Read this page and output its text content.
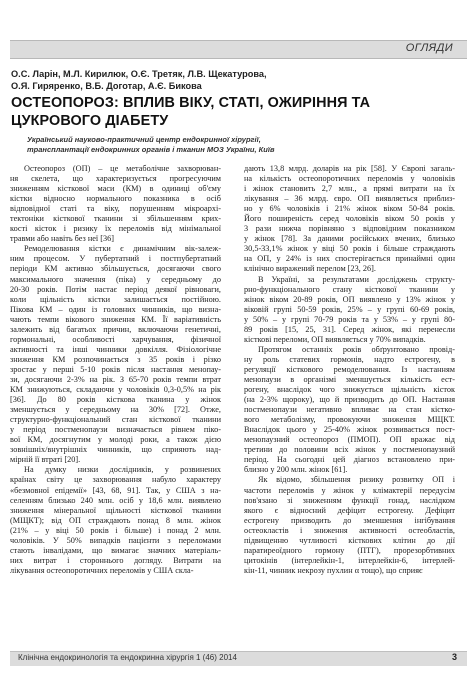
ОГЛЯДИ
О.С. Ларін, М.Л. Кирилюк, О.Є. Третяк, Л.В. Щекатурова,
О.Я. Гиряренко, В.Б. Доготар, А.Є. Бикова
ОСТЕОПОРОЗ: ВПЛИВ ВІКУ, СТАТІ, ОЖИРІННЯ ТА
ЦУКРОВОГО ДІАБЕТУ
Український науково-практичний центр ендокринної хірургії,
трансплантації ендокринних органів і тканин МОЗ України, Київ
Остеопороз (ОП) – це метаболічне захворюван-
ня скелета, що характеризується прогресуючим
зниженням кісткової маси (КМ) в одиниці об'єму
кістки відносно нормального показника в осіб
відповідної статі та віку, порушенням мікроархі-
тектоніки кісткової тканини зі збільшенням крих-
кості кісток і ризику їх переломів від мінімальної
травми або навіть без неї [36]
Ремоделювання кістки є динамічним вік-залеж-
ним процесом. У пубертатний і постпубертатний
періоди КМ активно збільшується, досягаючи свого
максимального значення (піка) у середньому до
20-30 років. Потім настає період деякої рівноваги,
коли щільність кістки залишається постійною.
Пікова КМ – один із головних чинників, що визна-
чають темпи вікового зниження КМ. Її варіативність
залежить від багатьох причин, включаючи генетичні,
гормональні, особливості харчування, фізичної
активності та інші чинники довкілля. Фізіологічне
зниження КМ розпочинається з 35 років і різко
зростає у перші 5-10 років після настання менопау-
зи, досягаючи 2-3% на рік. З 65-70 років темпи втрат
КМ знижуються, складаючи у чоловіків 0,3-0,5% на рік
[36]. До 80 років кісткова тканина у жінок
зменшується у середньому на 30% [72]. Отже,
структурно-функціональний стан кісткової тканини
у період постменопаузи визначається рівнем піко-
вої КМ, досягнутим у молоді роки, а також дією
зовнішніх/внутрішніх чинників, що сприяють над-
мірній її втраті [20].
На думку низки дослідників, у розвинених
країнах світу це захворювання набуло характеру
«безмовної епідемії» [43, 68, 91]. Так, у США з на-
селенням близько 240 млн. осіб у 18,6 млн. виявлено
зниження мінеральної щільності кісткової тканини
(МЩКТ); від ОП страждають понад 8 млн. жінок
(21% – у віці 50 років і більше) і понад 2 млн.
чоловіків. У 50% випадків пацієнти з переломами
стають інвалідами, що вимагає значних матеріаль-
них витрат і стороннього догляду. Витрати на
лікування остеопоротичних переломів у США скла-
дають 13,8 млрд. доларів на рік [58]. У Європі загаль-
на кількість остеопоротичних переломів у чоловіків
і жінок становить 2,7 млн., а прямі витрати на їх
лікування – 36 млрд. євро. ОП виявляється приблиз-
но у 6% чоловіків і 21% жінок віком 50-84 років.
Його поширеність серед чоловіків віком 50 років у
3 рази нижча порівняно з відповідним показником
у жінок [78]. За даними російських вчених, близько
30,5-33,1% жінок у віці 50 років і більше страждають
на ОП, у 24% із них спостерігається принаймні один
клінічно виражений перелом [23, 26].
В Україні, за результатами досліджень структу-
рно-функціонального стану кісткової тканини у
жінок віком 20-89 років, ОП виявлено у 13% жінок у
віковій групі 50-59 років, 25% – у групі 60-69 років,
у 50% – у групі 70-79 років та у 53% – у групі 80-
89 років [15, 25, 31]. Серед жінок, які перенесли
кісткові переломи, ОП виявляється у 70% випадків.
Протягом останніх років обґрунтовано провід-
ну роль статевих гормонів, надто естрогену, в
регуляції кісткового ремоделювання. Із настанням
менопаузи в організмі зменшується кількість ест-
рогену, внаслідок чого знижується щільність кісток
(на 2-3% щороку), що й призводить до ОП. Настання
постменопаузи негативно впливає на стан кістко-
вого метаболізму, провокуючи зниження МЩКТ.
Внаслідок цього у 25-40% жінок розвивається пост-
менопаузний остеопороз (ПМОП). ОП вражає від
третини до половини всіх жінок у постменопаузний
період. На сьогодні цей діагноз встановлено при-
близно у 200 млн. жінок [61].
Як відомо, збільшення ризику розвитку ОП і
частоти переломів у жінок у клімактерії передусім
пов'язано зі зниженням функції гонад, наслідком
якого є відносний дефіцит естрогену. Дефіцит
естрогену призводить до зменшення інгібування
остеокластів і зниження активності остеобластів,
підвищенню чутливості кісткових клітин до дії
паратиреоїдного гормону (ПТГ), прорезорбтивних
цитокінів (інтерлейкін-1, інтерлейкін-6, інтерлей-
кін-11, чинник некрозу пухлин α тощо), що сприяє
Клінічна ендокринологія та ендокринна хірургія 1 (46) 2014	3
